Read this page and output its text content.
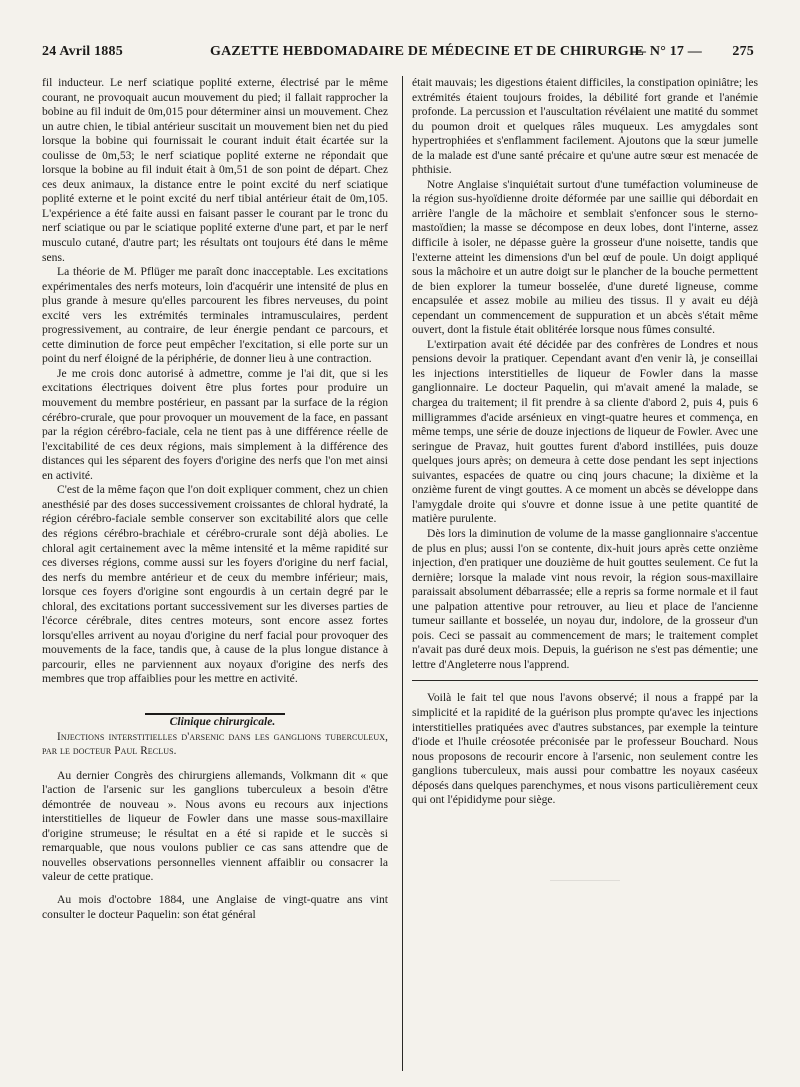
24 Avril 1885	GAZETTE HEBDOMADAIRE DE MÉDECINE ET DE CHIRURGIE
— N° 17 — 275

fil inducteur. Le nerf sciatique poplité externe, électrisé par le même courant, ne provoquait aucun mouvement du pied; il fallait rapprocher la bobine au fil induit de 0m,015 pour déterminer ainsi un mouvement. Chez un autre chien, le tibial antérieur suscitait un mouvement bien net du pied lorsque la bobine qui fournissait le courant induit était écartée sur la coulisse de 0m,53; le nerf sciatique poplité externe ne répondait que lorsque la bobine au fil induit était à 0m,51 de son point de départ. Chez ces deux animaux, la distance entre le point excité du nerf sciatique poplité externe et le point excité du nerf tibial antérieur était de 0m,105. L'expérience a été faite aussi en faisant passer le courant par le tronc du nerf sciatique ou par le sciatique poplité externe d'une part, et par le nerf musculo cutané, d'autre part; les résultats ont toujours été dans le même sens.

La théorie de M. Pflüger me paraît donc inacceptable. Les excitations expérimentales des nerfs moteurs, loin d'acquérir une intensité de plus en plus grande à mesure qu'elles parcourent les fibres nerveuses, du point excité vers les extrémités terminales intramusculaires, perdent progressivement, au contraire, de leur énergie pendant ce parcours, et cette diminution de force peut empêcher l'excitation, si elle porte sur un point du nerf éloigné de la périphérie, de donner lieu à une contraction.

Je me crois donc autorisé à admettre, comme je l'ai dit, que si les excitations électriques doivent être plus fortes pour produire un mouvement du membre postérieur, en passant par la surface de la région cérébro-crurale, que pour provoquer un mouvement de la face, en passant par la région cérébro-faciale, cela ne tient pas à une différence réelle de l'excitabilité de ces deux régions, mais simplement à la différence des distances qui les séparent des foyers d'origine des nerfs que l'on met ainsi en activité.

C'est de la même façon que l'on doit expliquer comment, chez un chien anesthésié par des doses successivement croissantes de chloral hydraté, la région cérébro-faciale semble conserver son excitabilité alors que celle des régions cérébro-brachiale et cérébro-crurale sont déjà abolies. Le chloral agit certainement avec la même intensité et la même rapidité sur ces diverses régions, comme aussi sur les foyers d'origine du nerf facial, des nerfs du membre antérieur et de ceux du membre inférieur; mais, lorsque ces foyers d'origine sont engourdis à un certain degré par le chloral, des excitations portant successivement sur les diverses parties de l'écorce cérébrale, dites centres moteurs, sont encore assez fortes lorsqu'elles arrivent au noyau d'origine du nerf facial pour provoquer des mouvements de la face, tandis que, à cause de la plus longue distance à parcourir, elles ne parviennent aux noyaux d'origine des nerfs des membres que trop affaiblies pour les mettre en activité.

Clinique chirurgicale.

Injections interstitielles d'arsenic dans les ganglions tuberculeux, par le docteur Paul Reclus.

Au dernier Congrès des chirurgiens allemands, Volkmann dit « que l'action de l'arsenic sur les ganglions tuberculeux a besoin d'être démontrée de nouveau ». Nous avons eu recours aux injections interstitielles de liqueur de Fowler dans une masse sous-maxillaire d'origine strumeuse; le résultat en a été si rapide et le succès si remarquable, que nous voulons publier ce cas sans attendre que de nouvelles observations personnelles viennent affaiblir ou consacrer la valeur de cette pratique.

Au mois d'octobre 1884, une Anglaise de vingt-quatre ans vint consulter le docteur Paquelin: son état général

était mauvais; les digestions étaient difficiles, la constipation opiniâtre; les extrémités étaient toujours froides, la débilité fort grande et l'anémie profonde. La percussion et l'auscultation révélaient une matité du sommet du poumon droit et quelques râles muqueux. Les amygdales sont hypertrophiées et s'enflamment facilement. Ajoutons que la sœur jumelle de la malade est d'une santé précaire et qu'une autre sœur est menacée de phthisie.

Notre Anglaise s'inquiétait surtout d'une tuméfaction volumineuse de la région sus-hyoïdienne droite déformée par une saillie qui débordait en arrière l'angle de la mâchoire et semblait s'enfoncer sous le sterno-mastoïdien; la masse se décompose en deux lobes, dont l'interne, assez difficile à isoler, ne dépasse guère la grosseur d'une noisette, tandis que l'externe atteint les dimensions d'un bel œuf de poule. Un doigt appliqué sous la mâchoire et un autre doigt sur le plancher de la bouche permettent de bien explorer la tumeur bosselée, d'une dureté ligneuse, comme encapsulée et assez mobile au milieu des tissus. Il y avait eu déjà cependant un commencement de suppuration et un abcès s'était même ouvert, dont la fistule était oblitérée lorsque nous fûmes consulté.

L'extirpation avait été décidée par des confrères de Londres et nous pensions devoir la pratiquer. Cependant avant d'en venir là, je conseillai les injections interstitielles de liqueur de Fowler dans la masse ganglionnaire. Le docteur Paquelin, qui m'avait amené la malade, se chargea du traitement; il fit prendre à sa cliente d'abord 2, puis 4, puis 6 milligrammes d'acide arsénieux en vingt-quatre heures et commença, en même temps, une série de douze injections de liqueur de Fowler. Avec une seringue de Pravaz, huit gouttes furent d'abord instillées, puis douze quelques jours après; on demeura à cette dose pendant les sept injections suivantes, espacées de quatre ou cinq jours chacune; la dixième et la onzième furent de vingt gouttes. A ce moment un abcès se développe dans l'amygdale droite qui s'ouvre et donne issue à une petite quantité de matière purulente.

Dès lors la diminution de volume de la masse ganglionnaire s'accentue de plus en plus; aussi l'on se contente, dix-huit jours après cette onzième injection, d'en pratiquer une douzième de huit gouttes seulement. Ce fut la dernière; lorsque la malade vint nous revoir, la région sous-maxillaire paraissait absolument débarrassée; elle a repris sa forme normale et il faut une palpation attentive pour retrouver, au lieu et place de l'ancienne tumeur saillante et bosselée, un noyau dur, indolore, de la grosseur d'un pois. Ceci se passait au commencement de mars; le traitement complet n'avait pas duré deux mois. Depuis, la guérison ne s'est pas démentie; une lettre d'Angleterre nous l'apprend.

Voilà le fait tel que nous l'avons observé; il nous a frappé par la simplicité et la rapidité de la guérison plus prompte qu'avec les injections interstitielles pratiquées avec d'autres substances, par exemple la teinture d'iode et l'huile créosotée préconisée par le professeur Bouchard. Nous nous proposons de recourir encore à l'arsenic, non seulement contre les ganglions tuberculeux, mais aussi pour combattre les noyaux caséeux déposés dans quelques parenchymes, et nous visons particulièrement ceux qui ont l'épididyme pour siège.
